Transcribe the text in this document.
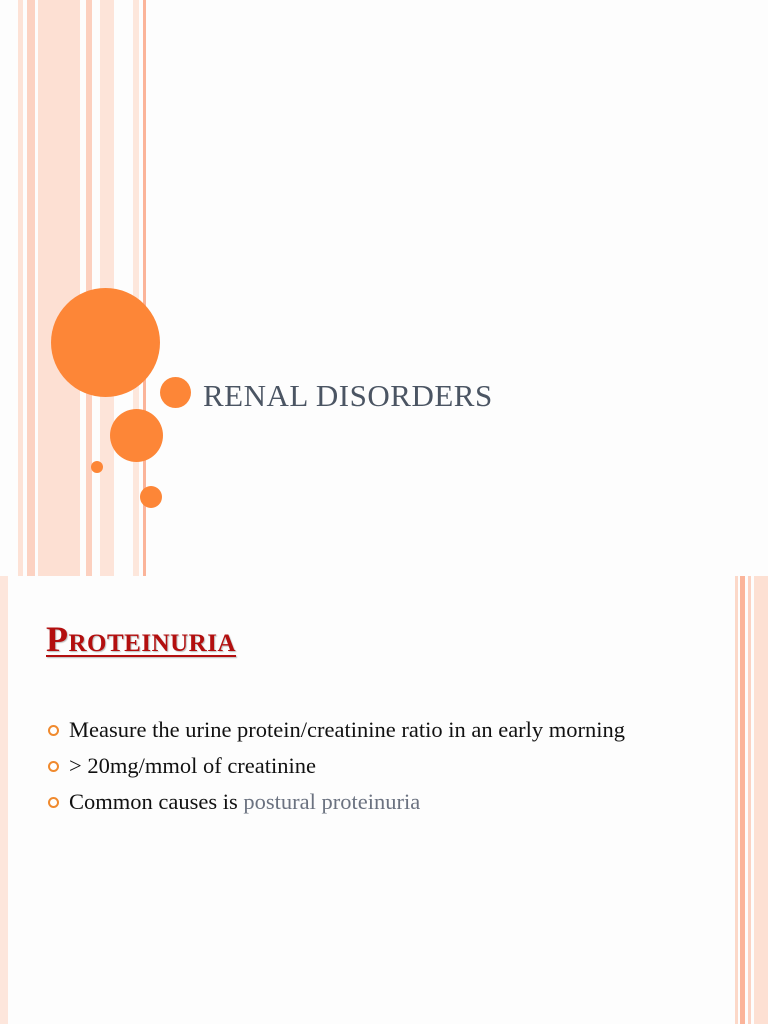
RENAL DISORDERS
Proteinuria
Measure the urine protein/creatinine ratio in an early morning
> 20mg/mmol of creatinine
Common causes is postural proteinuria
